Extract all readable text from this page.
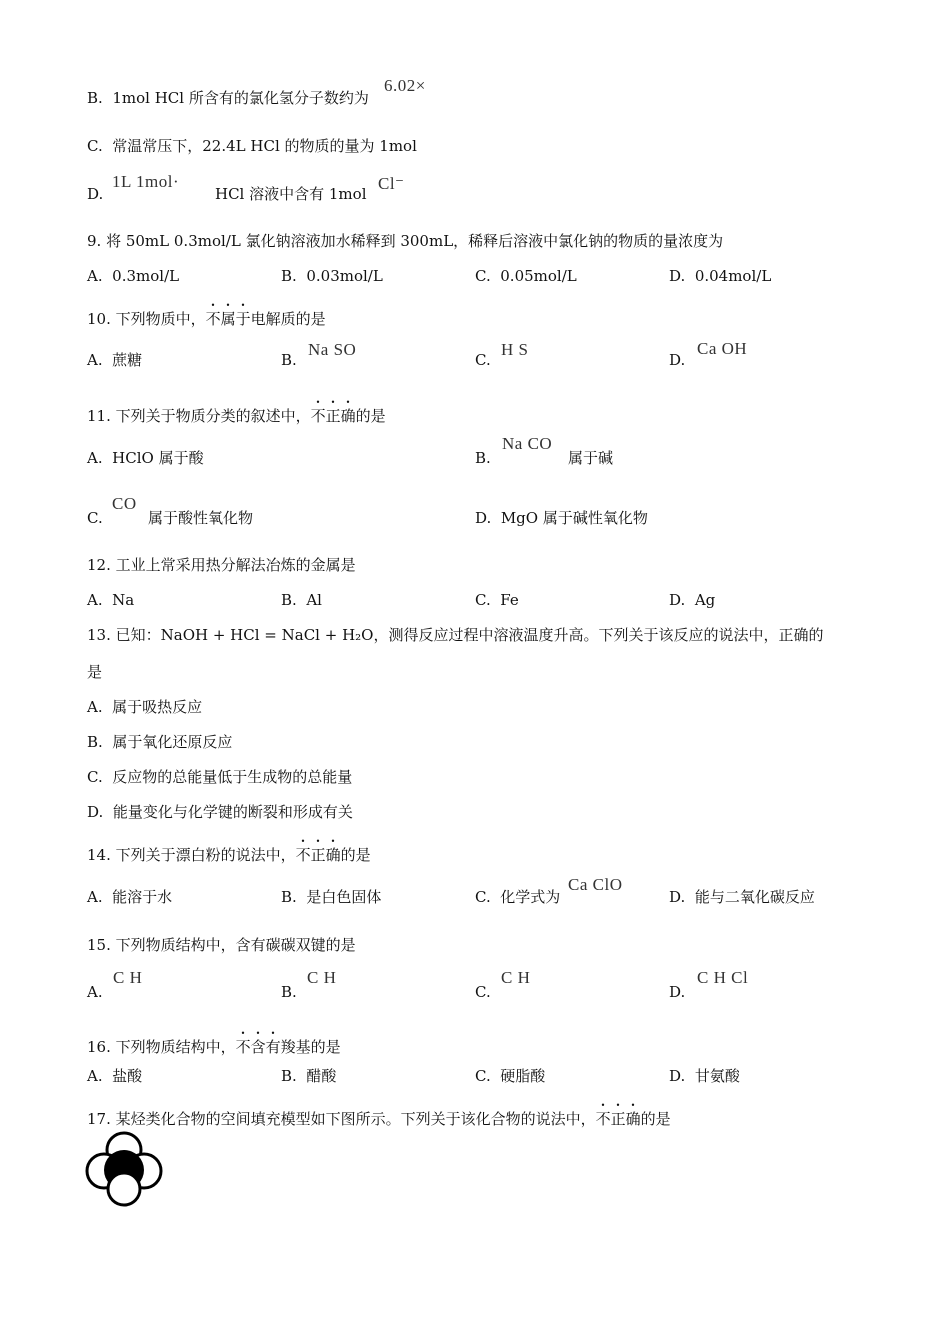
B. 1mol HCl 所含有的氯化氢分子数约为
6.02×
C. 常温常压下，22.4L HCl 的物质的量为 1mol
D.
1L 1mol·
HCl 溶液中含有 1mol
Cl⁻
9. 将 50mL 0.3mol/L 氯化钠溶液加水稀释到 300mL，稀释后溶液中氯化钠的物质的量浓度为
A. 0.3mol/L	B. 0.03mol/L	C. 0.05mol/L	D. 0.04mol/L
10. 下列物质中，不属于电解质的是
A. 蔗糖	B.
Na SO
C.
H S
D.
Ca OH
11. 下列关于物质分类的叙述中，不正确的是
A. HClO 属于酸	B.
Na CO
属于碱
C.
CO
属于酸性氧化物	D. MgO 属于碱性氧化物
12. 工业上常采用热分解法冶炼的金属是
A. Na	B. Al	C. Fe	D. Ag
13. 已知：NaOH + HCl = NaCl + H₂O，测得反应过程中溶液温度升高。下列关于该反应的说法中，正确的
是
A. 属于吸热反应
B. 属于氧化还原反应
C. 反应物的总能量低于生成物的总能量
D. 能量变化与化学键的断裂和形成有关
14. 下列关于漂白粉的说法中，不正确的是
A. 能溶于水	B. 是白色固体	C. 化学式为
Ca ClO
D. 能与二氧化碳反应
15. 下列物质结构中，含有碳碳双键的是
A.
C H
B.
C H
C.
C H
D.
C H Cl
16. 下列物质结构中，不含有羧基的是
A. 盐酸	B. 醋酸	C. 硬脂酸	D. 甘氨酸
17. 某烃类化合物的空间填充模型如下图所示。下列关于该化合物的说法中，不正确的是
